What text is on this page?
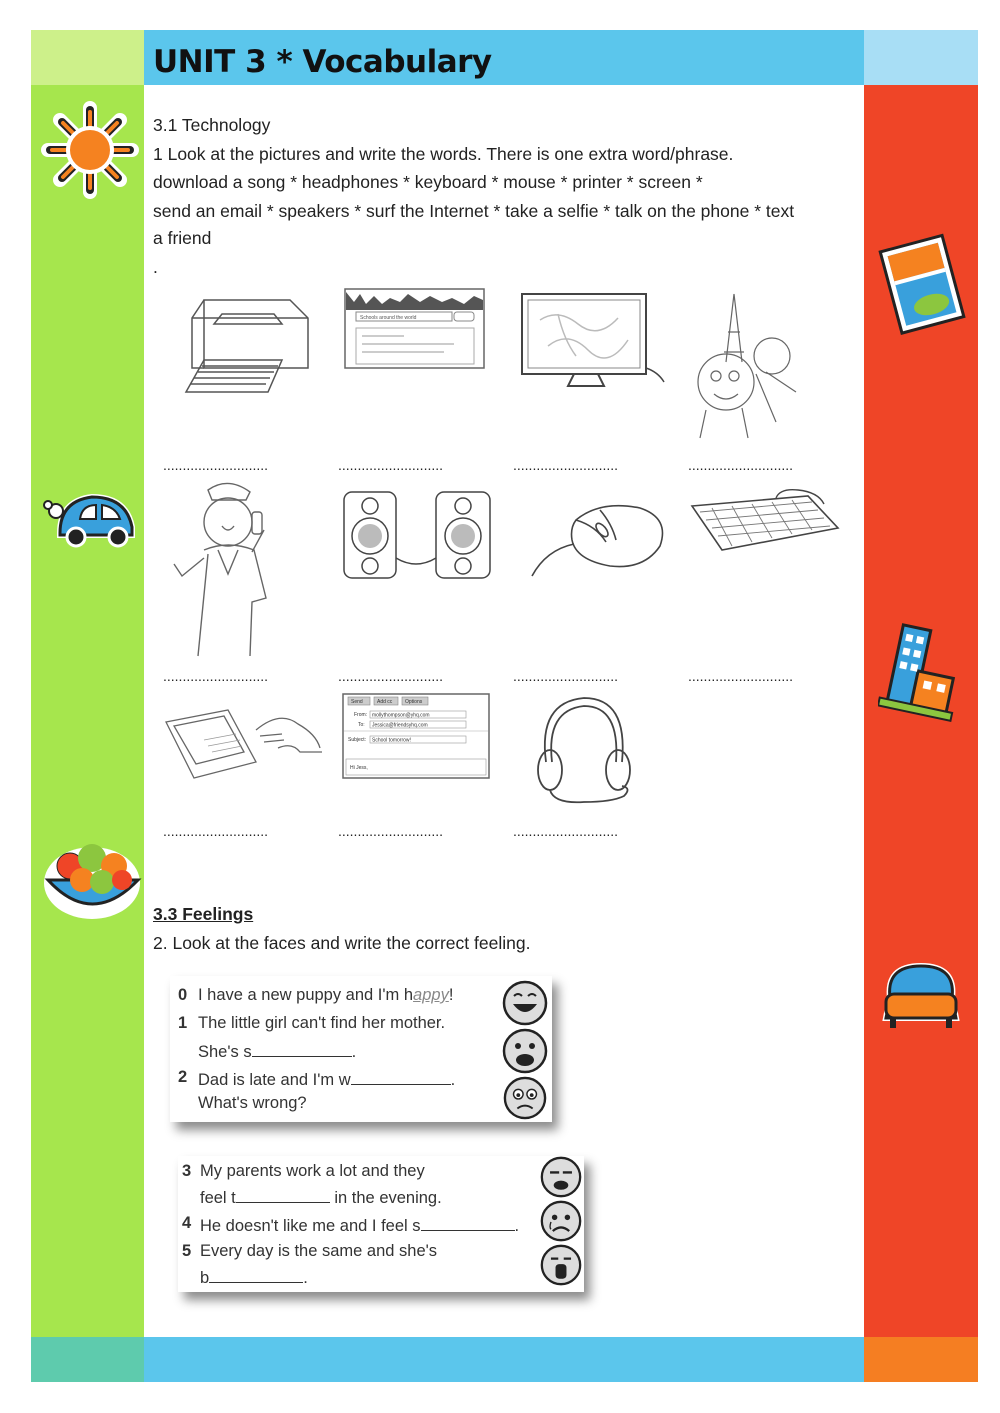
UNIT 3 * Vocabulary
3.1 Technology
1 Look at the pictures and write the words. There is one extra word/phrase.
download a song * headphones * keyboard * mouse * printer * screen *
send an email * speakers * surf the Internet * take a selfie * talk on the phone * text
a friend
.
Schools around the world
...........................	...........................	...........................	...........................
...........................	...........................	...........................	...........................
Send	Add cc	Options
From: mollythompson@yhq.com
To: Jessica@friendsyhq.com
Subject: School tomorrow!
Hi Jess,
...........................	...........................	...........................
3.3 Feelings
2. Look at the faces and write the correct feeling.
0 I have a new puppy and I'm happy!
1 The little girl can't find her mother.
She's s	.
2 Dad is late and I'm w	.
What's wrong?
3 My parents work a lot and they
feel t	in the evening.
4 He doesn't like me and I feel s	.
5 Every day is the same and she's
b	.
